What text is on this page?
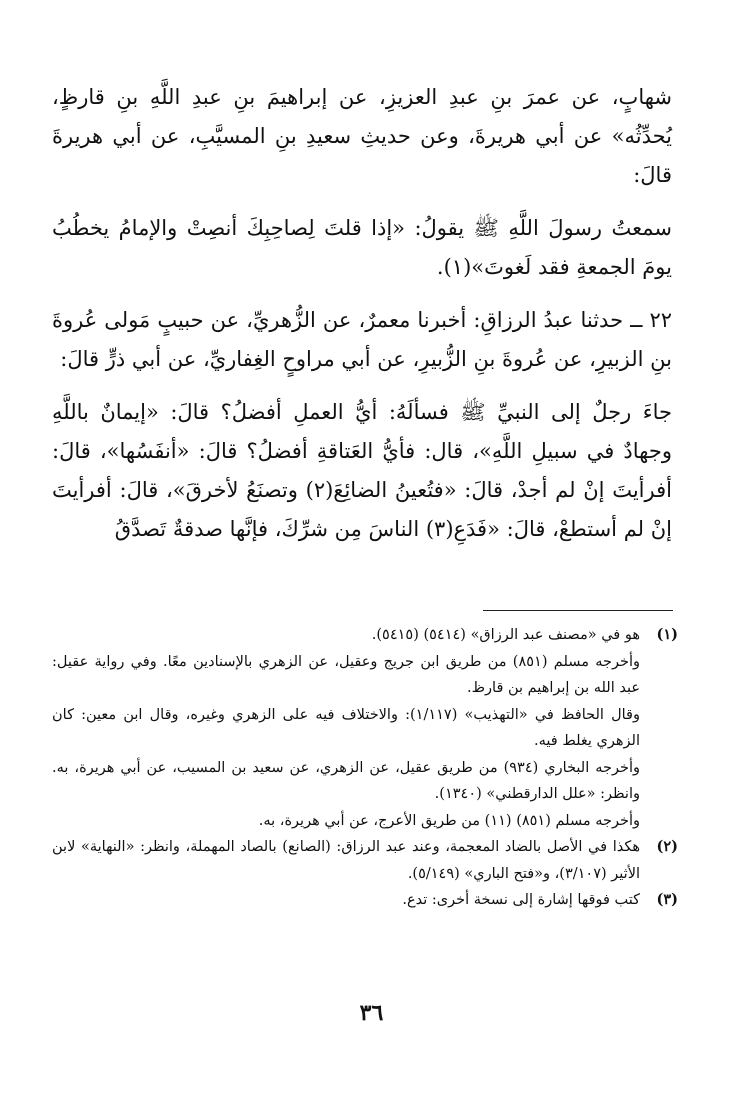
شهابٍ، عن عمرَ بنِ عبدِ العزيزِ، عن إبراهيمَ بنِ عبدِ اللَّهِ بنِ قارظٍ، يُحدِّثُه» عن أبي هريرةَ، وعن حديثِ سعيدِ بنِ المسيَّبِ، عن أبي هريرةَ قالَ:

سمعتُ رسولَ اللَّهِ ﷺ يقولُ: «إذا قلتَ لِصاحِبِكَ أنصِتْ والإمامُ يخطُبُ يومَ الجمعةِ فقد لَغوتَ»(١).

٢٢ ــ حدثنا عبدُ الرزاقِ: أخبرنا معمرٌ، عن الزُّهريِّ، عن حبيبٍ مَولى عُروةَ بنِ الزبيرِ، عن عُروةَ بنِ الزُّبيرِ، عن أبي مراوحٍ الغِفاريِّ، عن أبي ذرٍّ قالَ:

جاءَ رجلٌ إلى النبيِّ ﷺ فسألَهُ: أيُّ العملِ أفضلُ؟ قالَ: «إيمانٌ باللَّهِ وجهادٌ في سبيلِ اللَّهِ»، قال: فأيُّ العَتاقةِ أفضلُ؟ قالَ: «أنفَسُها»، قالَ: أفرأيتَ إنْ لم أجدْ، قالَ: «فتُعينُ الضائِعَ(٢) وتصنَعُ لأخرقَ»، قالَ: أفرأيتَ إنْ لم أستطعْ، قالَ: «فَدَعِ(٣) الناسَ مِن شرِّكَ، فإنَّها صدقةٌ تَصدَّقُ

(١)

هو في «مصنف عبد الرزاق» (٥٤١٤) (٥٤١٥).

وأخرجه مسلم (٨٥١) من طريق ابن جريج وعقيل، عن الزهري بالإسنادين معًا. وفي رواية عقيل: عبد الله بن إبراهيم بن قارظ.

وقال الحافظ في «التهذيب» (١/١١٧): والاختلاف فيه على الزهري وغيره، وقال ابن معين: كان الزهري يغلط فيه.

وأخرجه البخاري (٩٣٤) من طريق عقيل، عن الزهري، عن سعيد بن المسيب، عن أبي هريرة، به. وانظر: «علل الدارقطني» (١٣٤٠).

وأخرجه مسلم (٨٥١) (١١) من طريق الأعرج، عن أبي هريرة، به.

(٢)

هكذا في الأصل بالضاد المعجمة، وعند عبد الرزاق: (الصانع) بالصاد المهملة، وانظر: «النهاية» لابن الأثير (٣/١٠٧)، و«فتح الباري» (٥/١٤٩).

(٣)

كتب فوقها إشارة إلى نسخة أخرى: تدع.

٣٦
